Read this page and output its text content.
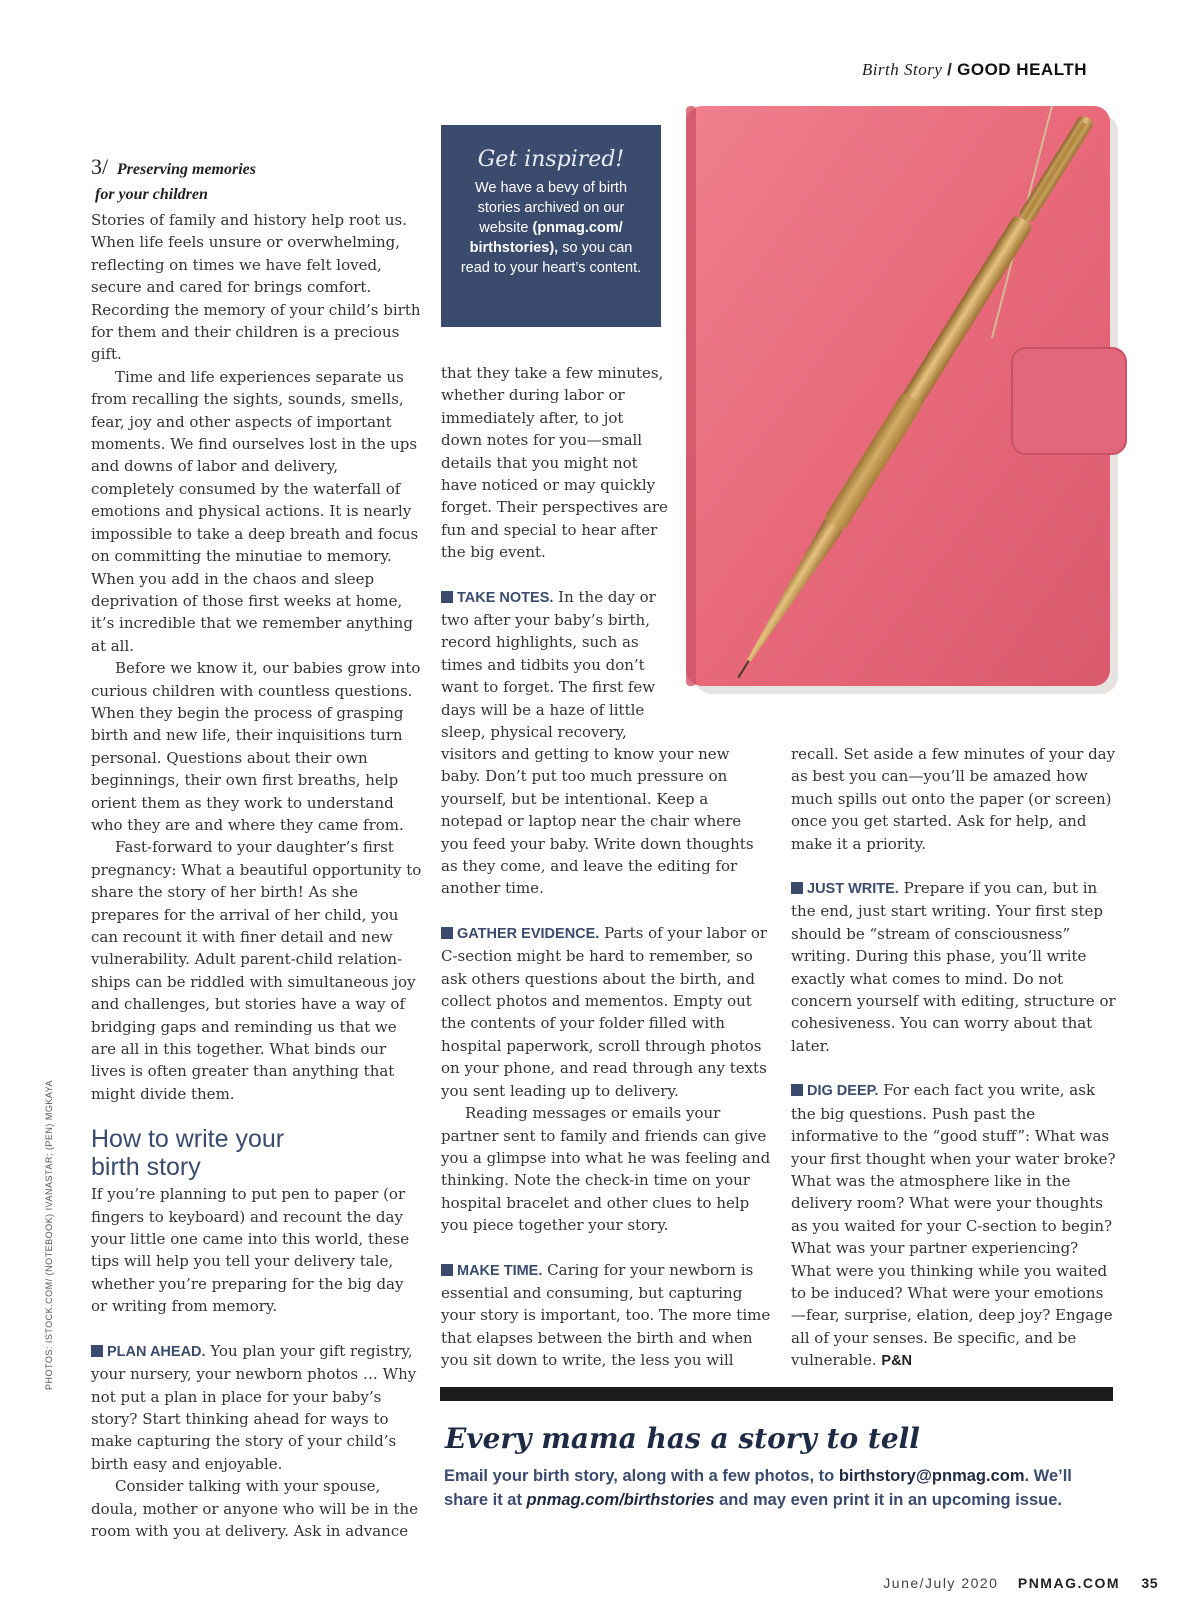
Birth Story / GOOD HEALTH
PHOTOS: ISTOCK.COM/ (NOTEBOOK) IVANASTAR; (PEN) MGKAYA
3/ Preserving memories
for your children

Stories of family and history help root us. When life feels unsure or overwhelming, reflecting on times we have felt loved, secure and cared for brings comfort. Recording the memory of your child’s birth for them and their children is a precious gift.

Time and life experiences separate us from recalling the sights, sounds, smells, fear, joy and other aspects of important moments. We find ourselves lost in the ups and downs of labor and delivery, completely consumed by the waterfall of emotions and physical actions. It is nearly impossible to take a deep breath and focus on committing the minutiae to memory. When you add in the chaos and sleep deprivation of those first weeks at home, it’s incredible that we remember anything at all.

Before we know it, our babies grow into curious children with countless questions. When they begin the process of grasping birth and new life, their inquisitions turn personal. Questions about their own beginnings, their own first breaths, help orient them as they work to understand who they are and where they came from.

Fast-forward to your daughter’s first pregnancy: What a beautiful opportunity to share the story of her birth! As she prepares for the arrival of her child, you can recount it with finer detail and new vulnerability. Adult parent-child relation-ships can be riddled with simultaneous joy and challenges, but stories have a way of bridging gaps and reminding us that we are all in this together. What binds our lives is often greater than anything that might divide them.

How to write your
birth story

If you’re planning to put pen to paper (or fingers to keyboard) and recount the day your little one came into this world, these tips will help you tell your delivery tale, whether you’re preparing for the big day or writing from memory.

PLAN AHEAD. You plan your gift registry, your nursery, your newborn photos … Why not put a plan in place for your baby’s story? Start thinking ahead for ways to make capturing the story of your child’s birth easy and enjoyable.

Consider talking with your spouse, doula, mother or anyone who will be in the room with you at delivery. Ask in advance

Get inspired!
We have a bevy of birth stories archived on our website (pnmag.com/ birthstories), so you can read to your heart’s content.

that they take a few minutes, whether during labor or immediately after, to jot down notes for you—small details that you might not have noticed or may quickly forget. Their perspectives are fun and special to hear after the big event.

TAKE NOTES. In the day or two after your baby’s birth, record highlights, such as times and tidbits you don’t want to forget. The first few days will be a haze of little sleep, physical recovery,

visitors and getting to know your new baby. Don’t put too much pressure on yourself, but be intentional. Keep a notepad or laptop near the chair where you feed your baby. Write down thoughts as they come, and leave the editing for another time.

GATHER EVIDENCE. Parts of your labor or C-section might be hard to remember, so ask others questions about the birth, and collect photos and mementos. Empty out the contents of your folder filled with hospital paperwork, scroll through photos on your phone, and read through any texts you sent leading up to delivery.

Reading messages or emails your partner sent to family and friends can give you a glimpse into what he was feeling and thinking. Note the check-in time on your hospital bracelet and other clues to help you piece together your story.

MAKE TIME. Caring for your newborn is essential and consuming, but capturing your story is important, too. The more time that elapses between the birth and when you sit down to write, the less you will

recall. Set aside a few minutes of your day as best you can—you’ll be amazed how much spills out onto the paper (or screen) once you get started. Ask for help, and make it a priority.

JUST WRITE. Prepare if you can, but in the end, just start writing. Your first step should be “stream of consciousness” writing. During this phase, you’ll write exactly what comes to mind. Do not concern yourself with editing, structure or cohesiveness. You can worry about that later.

DIG DEEP. For each fact you write, ask the big questions. Push past the informative to the “good stuff”: What was your first thought when your water broke? What was the atmosphere like in the delivery room? What were your thoughts as you waited for your C-section to begin? What was your partner experiencing? What were you thinking while you waited to be induced? What were your emotions—fear, surprise, elation, deep joy? Engage all of your senses. Be specific, and be vulnerable. P&N

Every mama has a story to tell
Email your birth story, along with a few photos, to birthstory@pnmag.com. We’ll share it at pnmag.com/birthstories and may even print it in an upcoming issue.
June/July 2020 PNMAG.COM 35
